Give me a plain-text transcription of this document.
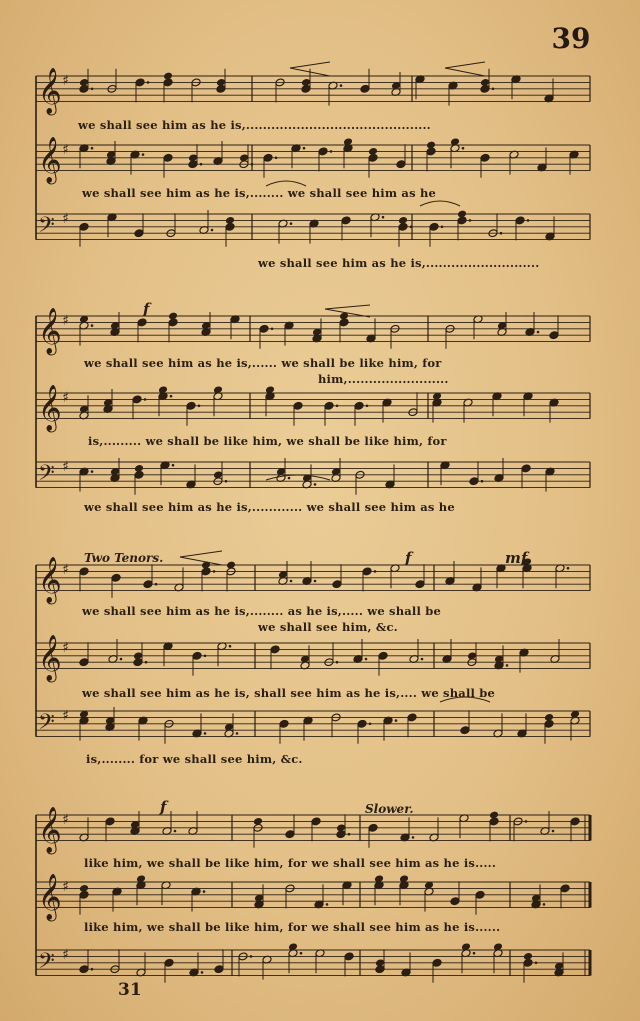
39
𝄞 ♯
𝄞 ♯
𝄢 ♯
𝄞 ♯
𝄞 ♯
𝄢 ♯
𝄞 ♯
𝄞 ♯
𝄢 ♯
𝄞 ♯
𝄞 ♯
𝄢 ♯
we shall see him as he is,............................................
we shall see him as he is,........ we shall see him as he
we shall see him as he is,...........................
f
we shall see him as he is,...... we shall be like him, for
him,........................
is,......... we shall be like him, we shall be like him, for
we shall see him as he is,............ we shall see him as he
Two Tenors.	f	mf
we shall see him as he is,........ as he is,..... we shall be
we shall see him, &c.
we shall see him as he is, shall see him as he is,.... we shall be
is,........ for we shall see him, &c.
f	Slower.
like him, we shall be like him, for we shall see him as he is.....
like him, we shall be like him, for we shall see him as he is......
31
